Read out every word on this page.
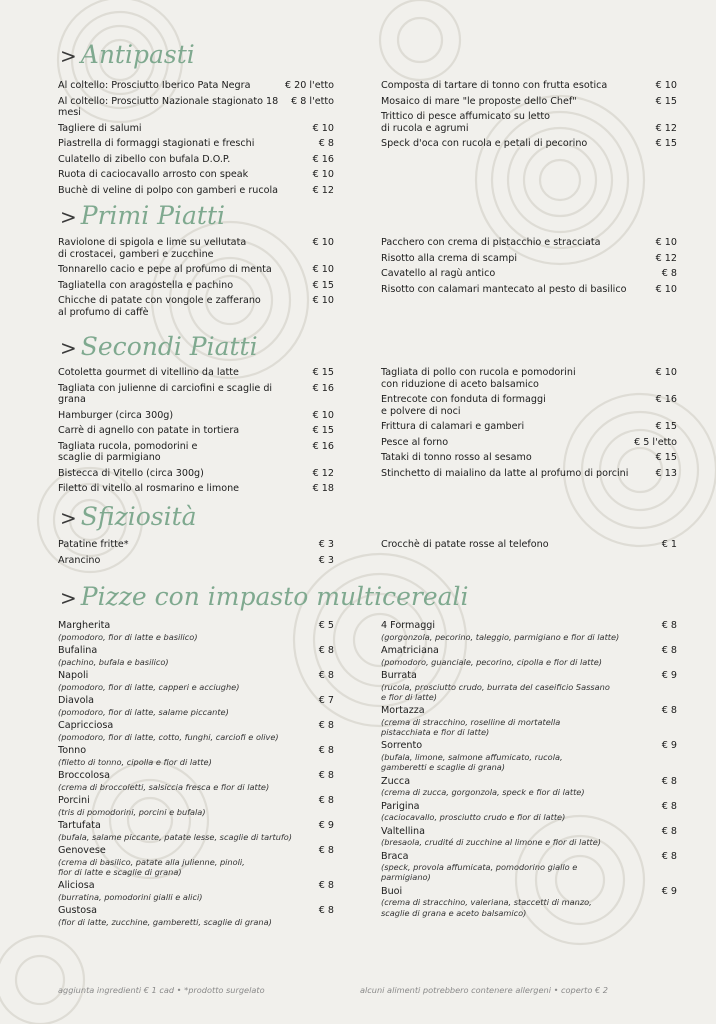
> Antipasti
Al coltello: Prosciutto Iberico Pata Negra	€ 20 l'etto
Al coltello: Prosciutto Nazionale stagionato 18 mesi
€ 8 l'etto
Tagliere di salumi	€ 10
Piastrella di formaggi stagionati e freschi	€ 8
Culatello di zibello con bufala D.O.P.	€ 16
Ruota di caciocavallo arrosto con speak	€ 10
Buchè di veline di polpo con gamberi e rucola	€ 12
Composta di tartare di tonno con frutta esotica	€ 10
Mosaico di mare "le proposte dello Chef"	€ 15
Trittico di pesce affumicato su letto
di rucola e agrumi	€ 12
Speck d'oca con rucola e petali di pecorino	€ 15
> Primi Piatti
Raviolone di spigola e lime su vellutata
di crostacei, gamberi e zucchine
€ 10
Tonnarello cacio e pepe al profumo di menta	€ 10
Tagliatella con aragostella e pachino	€ 15
Chicche di patate con vongole e zafferano
al profumo di caffè
€ 10
Pacchero con crema di pistacchio e stracciata	€ 10
Risotto alla crema di scampi	€ 12
Cavatello al ragù antico	€ 8
Risotto con calamari mantecato al pesto di basilico	€ 10
> Secondi Piatti
Cotoletta gourmet di vitellino da latte	€ 15
Tagliata con julienne di carciofini e scaglie di grana
€ 16
Hamburger (circa 300g)	€ 10
Carrè di agnello con patate in tortiera	€ 15
Tagliata rucola, pomodorini e
scaglie di parmigiano
€ 16
Bistecca di Vitello (circa 300g)	€ 12
Filetto di vitello al rosmarino e limone	€ 18
Tagliata di pollo con rucola e pomodorini
con riduzione di aceto balsamico
€ 10
Entrecote con fonduta di formaggi
e polvere di noci
€ 16
Frittura di calamari e gamberi	€ 15
Pesce al forno	€ 5 l'etto
Tataki di tonno rosso al sesamo	€ 15
Stinchetto di maialino da latte al profumo di porcini	€ 13
> Sfiziosità
Patatine fritte*	€ 3
Arancino	€ 3
Crocchè di patate rosse al telefono	€ 1
> Pizze con impasto multicereali
Margherita
(pomodoro, fior di latte e basilico)
€ 5
Bufalina
(pachino, bufala e basilico)
€ 8
Napoli
(pomodoro, fior di latte, capperi e acciughe)
€ 8
Diavola
(pomodoro, fior di latte, salame piccante)
€ 7
Capricciosa
(pomodoro, fior di latte, cotto, funghi, carciofi e olive)
€ 8
Tonno
(filetto di tonno, cipolla e fior di latte)
€ 8
Broccolosa
(crema di broccoletti, salsiccia fresca e fior di latte)
€ 8
Porcini
(tris di pomodorini, porcini e bufala)
€ 8
Tartufata
(bufala, salame piccante, patate lesse, scaglie di tartufo)
€ 9
Genovese
(crema di basilico, patate alla julienne, pinoli,
fior di latte e scaglie di grana)
€ 8
Aliciosa
(burratina, pomodorini gialli e alici)
€ 8
Gustosa
(fior di latte, zucchine, gamberetti, scaglie di grana)
€ 8
4 Formaggi
(gorgonzola, pecorino, taleggio, parmigiano e fior di latte)
€ 8
Amatriciana
(pomodoro, guanciale, pecorino, cipolla e fior di latte)
€ 8
Burrata
(rucola, prosciutto crudo, burrata del caseificio Sassano
e fior di latte)
€ 9
Mortazza
(crema di stracchino, roselline di mortatella
pistacchiata e fior di latte)
€ 8
Sorrento
(bufala, limone, salmone affumicato, rucola,
gamberetti e scaglie di grana)
€ 9
Zucca
(crema di zucca, gorgonzola, speck e fior di latte)
€ 8
Parigina
(caciocavallo, prosciutto crudo e fior di latte)
€ 8
Valtellina
(bresaola, crudité di zucchine al limone e fior di latte)
€ 8
Braca
(speck, provola affumicata, pomodorino giallo e
parmigiano)
€ 8
Buoi
(crema di stracchino, valeriana, staccetti di manzo,
scaglie di grana e aceto balsamico)
€ 9
aggiunta ingredienti € 1 cad • *prodotto surgelato	alcuni alimenti potrebbero contenere allergeni • coperto € 2
